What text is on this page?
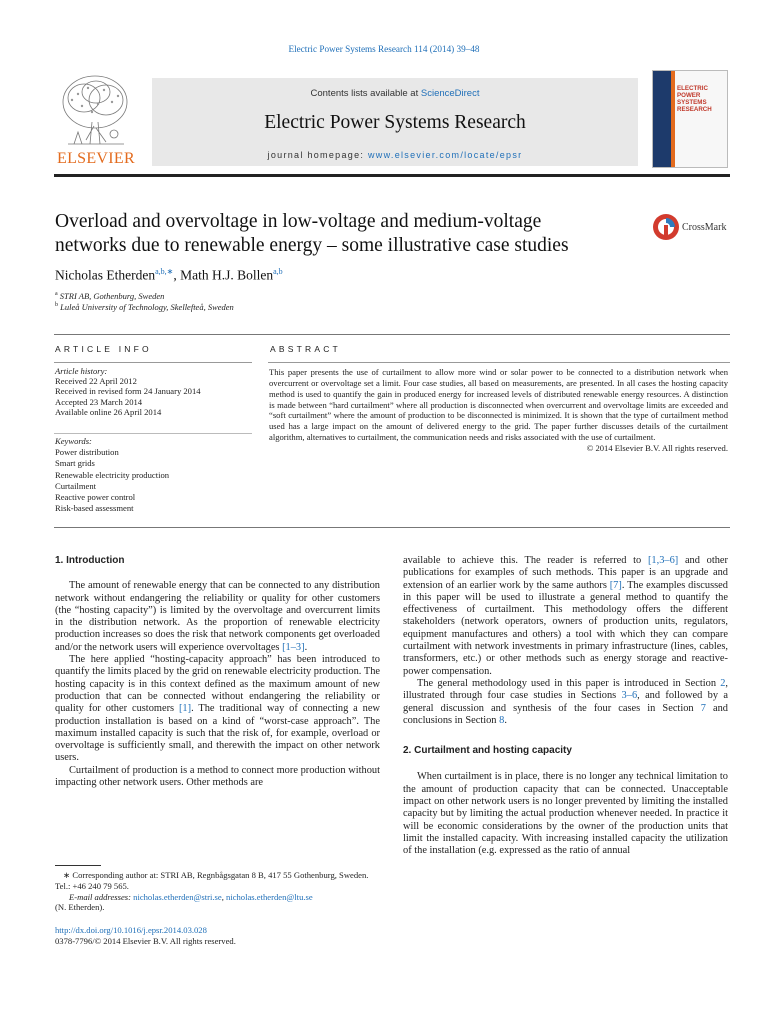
Electric Power Systems Research 114 (2014) 39–48
ELSEVIER
Contents lists available at ScienceDirect
Electric Power Systems Research
journal homepage: www.elsevier.com/locate/epsr
ELECTRIC POWER SYSTEMS RESEARCH
Overload and overvoltage in low-voltage and medium-voltage
networks due to renewable energy – some illustrative case studies
CrossMark
Nicholas Etherden$^{a,b,∗}$, Math H.J. Bollen$^{a,b}$
$^a$ STRI AB, Gothenburg, Sweden
$^b$ Luleå University of Technology, Skellefteå, Sweden
ARTICLE INFO	ABSTRACT
Article history:
Received 22 April 2012
Received in revised form 24 January 2014
Accepted 23 March 2014
Available online 26 April 2014
Keywords:
Power distribution
Smart grids
Renewable electricity production
Curtailment
Reactive power control
Risk-based assessment
This paper presents the use of curtailment to allow more wind or solar power to be connected to a distribution network when overcurrent or overvoltage set a limit. Four case studies, all based on measurements, are presented. In all cases the hosting capacity method is used to quantify the gain in produced energy for increased levels of distributed renewable energy resources. A distinction is made between “hard curtailment” where all production is disconnected when overcurrent and overvoltage limits are exceeded and “soft curtailment” where the amount of production to be disconnected is minimized. It is shown that the type of curtailment method used has a large impact on the amount of delivered energy to the grid. The paper further discusses details of the curtailment algorithm, alternatives to curtailment, the communication needs and risks associated with the use of curtailment.
© 2014 Elsevier B.V. All rights reserved.

1. Introduction

The amount of renewable energy that can be connected to any distribution network without endangering the reliability or quality for other customers (the “hosting capacity”) is limited by the overvoltage and overcurrent limits in the distribution network. As the proportion of renewable electricity production increases so does the risk that network components get overloaded and/or the network users will experience overvoltages [1–3].

The here applied “hosting-capacity approach” has been introduced to quantify the limits placed by the grid on renewable electricity production. The hosting capacity is in this context defined as the maximum amount of new production that can be connected without endangering the reliability or quality for other customers [1]. The traditional way of connecting a new production installation is based on a kind of “worst-case approach”. The maximum installed capacity is such that the risk of, for example, overload or overvoltage is sufficiently small, and therewith the impact on other network users.

Curtailment of production is a method to connect more production without impacting other network users. Other methods are

available to achieve this. The reader is referred to [1,3–6] and other publications for examples of such methods. This paper is an upgrade and extension of an earlier work by the same authors [7]. The examples discussed in this paper will be used to illustrate a general method to quantify the effectiveness of curtailment. This methodology offers the different stakeholders (network operators, owners of production units, regulators, equipment manufactures and others) a tool with which they can compare curtailment with network investments in primary infrastructure (lines, cables, transformers, etc.) or other methods such as energy storage and reactive-power compensation.

The general methodology used in this paper is introduced in Section 2, illustrated through four case studies in Sections 3–6, and followed by a general discussion and synthesis of the four cases in Section 7 and conclusions in Section 8.

2. Curtailment and hosting capacity

When curtailment is in place, there is no longer any technical limitation to the amount of production capacity that can be connected. Unacceptable impact on other network users is no longer prevented by limiting the installed capacity but by limiting the actual production whenever needed. In practice it will be economic considerations by the owner of the production units that limit the installed capacity. With increasing installed capacity the utilization of the installation (e.g. expressed as the ratio of annual

∗ Corresponding author at: STRI AB, Regnbågsgatan 8 B, 417 55 Gothenburg, Sweden. Tel.: +46 240 79 565.
E-mail addresses: nicholas.etherden@stri.se, nicholas.etherden@ltu.se
(N. Etherden).
http://dx.doi.org/10.1016/j.epsr.2014.03.028
0378-7796/© 2014 Elsevier B.V. All rights reserved.
